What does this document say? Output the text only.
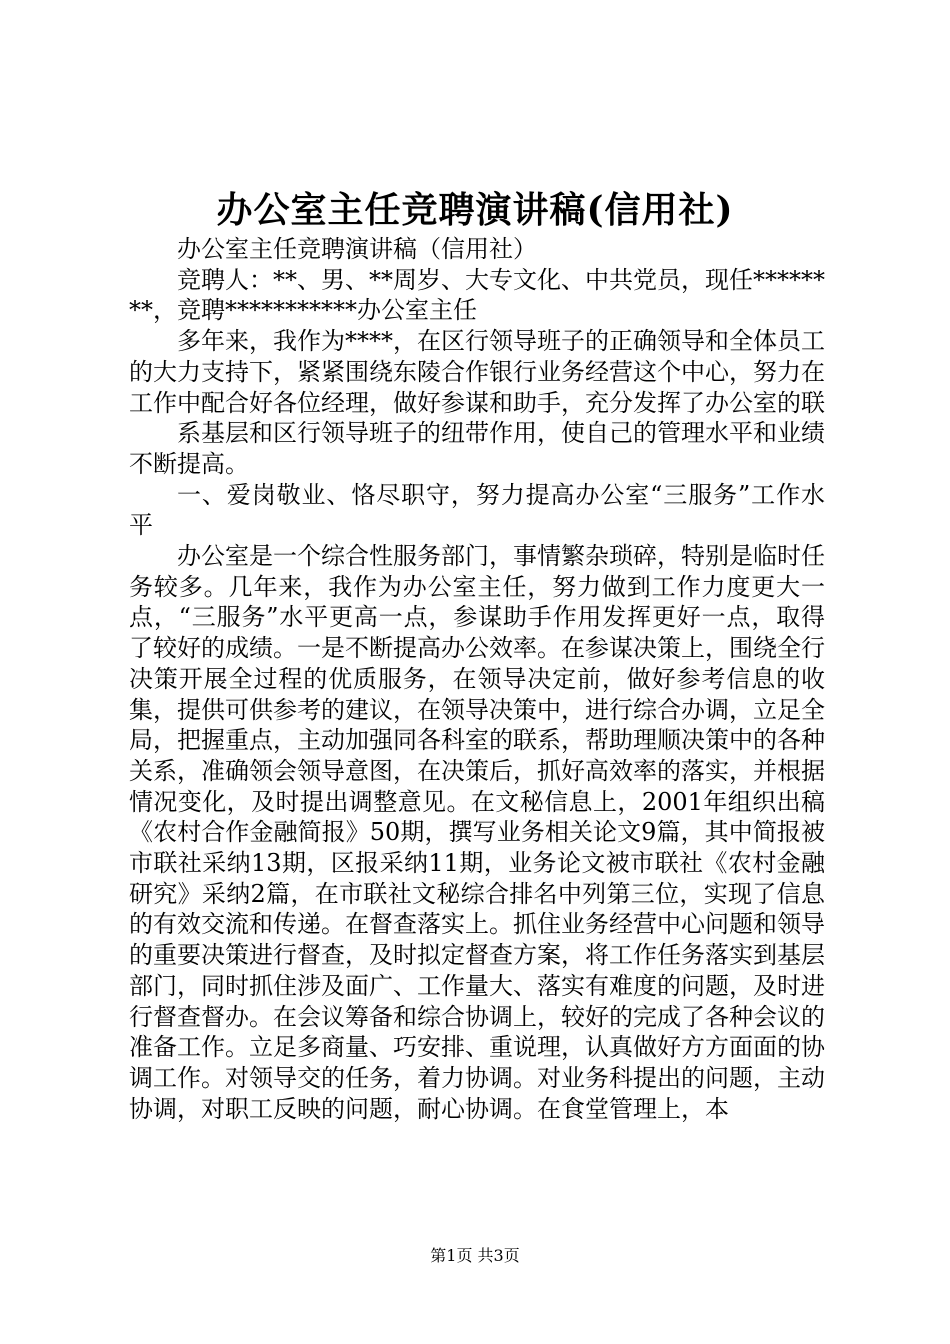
办公室主任竞聘演讲稿(信用社)

办公室主任竞聘演讲稿（信用社）

竞聘人：**、男、**周岁、大专文化、中共党员，现任********，竞聘***********办公室主任

多年来，我作为****，在区行领导班子的正确领导和全体员工的大力支持下，紧紧围绕东陵合作银行业务经营这个中心，努力在工作中配合好各位经理，做好参谋和助手，充分发挥了办公室的联

系基层和区行领导班子的纽带作用，使自己的管理水平和业绩不断提高。

一、爱岗敬业、恪尽职守，努力提高办公室“三服务”工作水平

办公室是一个综合性服务部门，事情繁杂琐碎，特别是临时任务较多。几年来，我作为办公室主任，努力做到工作力度更大一点，“三服务”水平更高一点，参谋助手作用发挥更好一点，取得了较好的成绩。一是不断提高办公效率。在参谋决策上，围绕全行决策开展全过程的优质服务，在领导决定前，做好参考信息的收集，提供可供参考的建议，在领导决策中，进行综合办调，立足全局，把握重点，主动加强同各科室的联系，帮助理顺决策中的各种关系，准确领会领导意图，在决策后，抓好高效率的落实，并根据情况变化，及时提出调整意见。在文秘信息上，2001年组织出稿《农村合作金融简报》50期，撰写业务相关论文9篇，其中简报被市联社采纳13期，区报采纳11期，业务论文被市联社《农村金融研究》采纳2篇，在市联社文秘综合排名中列第三位，实现了信息的有效交流和传递。在督查落实上。抓住业务经营中心问题和领导的重要决策进行督查，及时拟定督查方案，将工作任务落实到基层部门，同时抓住涉及面广、工作量大、落实有难度的问题，及时进行督查督办。在会议筹备和综合协调上，较好的完成了各种会议的准备工作。立足多商量、巧安排、重说理，认真做好方方面面的协调工作。对领导交的任务，着力协调。对业务科提出的问题，主动协调，对职工反映的问题，耐心协调。在食堂管理上，本

第1页 共3页
